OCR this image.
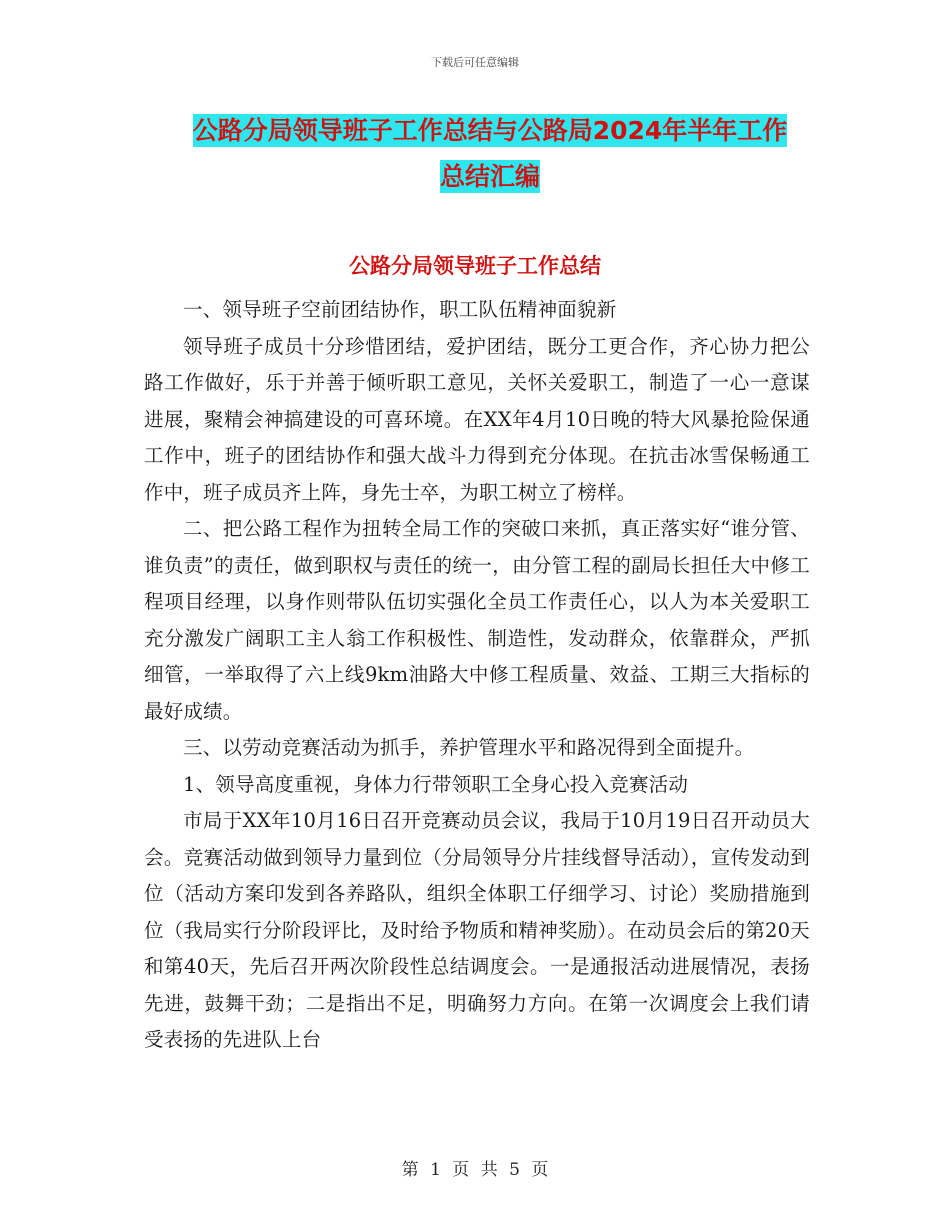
下载后可任意编辑
公路分局领导班子工作总结与公路局2024年半年工作
总结汇编
公路分局领导班子工作总结

一、领导班子空前团结协作，职工队伍精神面貌新

领导班子成员十分珍惜团结，爱护团结，既分工更合作，齐心协力把公路工作做好，乐于并善于倾听职工意见，关怀关爱职工，制造了一心一意谋进展，聚精会神搞建设的可喜环境。在XX年4月10日晚的特大风暴抢险保通工作中，班子的团结协作和强大战斗力得到充分体现。在抗击冰雪保畅通工作中，班子成员齐上阵，身先士卒，为职工树立了榜样。

二、把公路工程作为扭转全局工作的突破口来抓，真正落实好“谁分管、谁负责”的责任，做到职权与责任的统一，由分管工程的副局长担任大中修工程项目经理，以身作则带队伍切实强化全员工作责任心，以人为本关爱职工充分激发广阔职工主人翁工作积极性、制造性，发动群众，依靠群众，严抓细管，一举取得了六上线9km油路大中修工程质量、效益、工期三大指标的最好成绩。

三、以劳动竞赛活动为抓手，养护管理水平和路况得到全面提升。

1、领导高度重视，身体力行带领职工全身心投入竞赛活动

市局于XX年10月16日召开竞赛动员会议，我局于10月19日召开动员大会。竞赛活动做到领导力量到位（分局领导分片挂线督导活动），宣传发动到位（活动方案印发到各养路队，组织全体职工仔细学习、讨论）奖励措施到位（我局实行分阶段评比，及时给予物质和精神奖励）。在动员会后的第20天和第40天，先后召开两次阶段性总结调度会。一是通报活动进展情况，表扬先进，鼓舞干劲；二是指出不足，明确努力方向。在第一次调度会上我们请受表扬的先进队上台

第 1 页 共 5 页
